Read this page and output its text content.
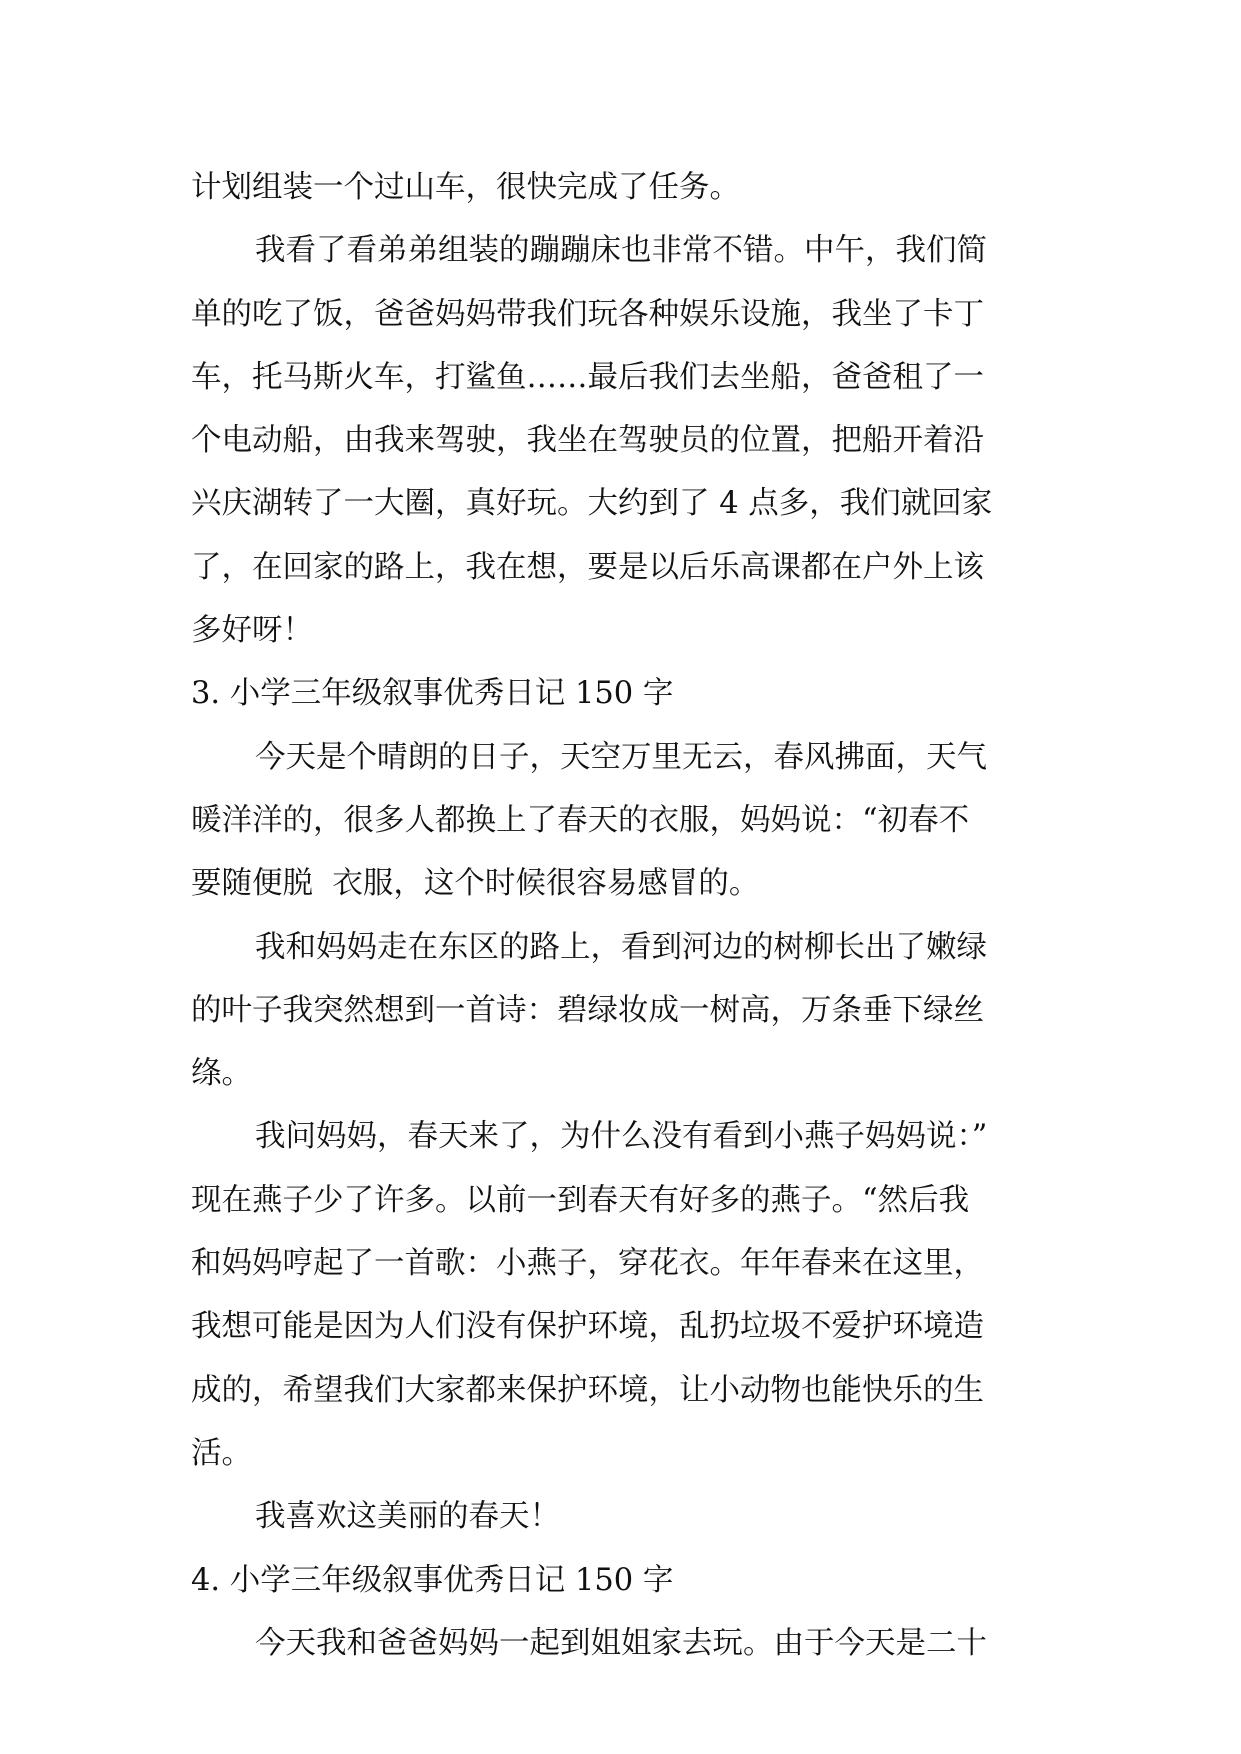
计划组装一个过山车，很快完成了任务。

我看了看弟弟组装的蹦蹦床也非常不错。中午，我们简

单的吃了饭，爸爸妈妈带我们玩各种娱乐设施，我坐了卡丁

车，托马斯火车，打鲨鱼……最后我们去坐船，爸爸租了一

个电动船，由我来驾驶，我坐在驾驶员的位置，把船开着沿

兴庆湖转了一大圈，真好玩。大约到了 4 点多，我们就回家

了，在回家的路上，我在想，要是以后乐高课都在户外上该

多好呀！

3. 小学三年级叙事优秀日记 150 字

今天是个晴朗的日子，天空万里无云，春风拂面，天气

暖洋洋的，很多人都换上了春天的衣服，妈妈说：“初春不

要随便脱  衣服，这个时候很容易感冒的。

我和妈妈走在东区的路上，看到河边的树柳长出了嫩绿

的叶子我突然想到一首诗：碧绿妆成一树高，万条垂下绿丝

绦。

我问妈妈，春天来了，为什么没有看到小燕子妈妈说：”

现在燕子少了许多。以前一到春天有好多的燕子。“然后我

和妈妈哼起了一首歌：小燕子，穿花衣。年年春来在这里，

我想可能是因为人们没有保护环境，乱扔垃圾不爱护环境造

成的，希望我们大家都来保护环境，让小动物也能快乐的生

活。

我喜欢这美丽的春天！

4. 小学三年级叙事优秀日记 150 字

今天我和爸爸妈妈一起到姐姐家去玩。由于今天是二十
